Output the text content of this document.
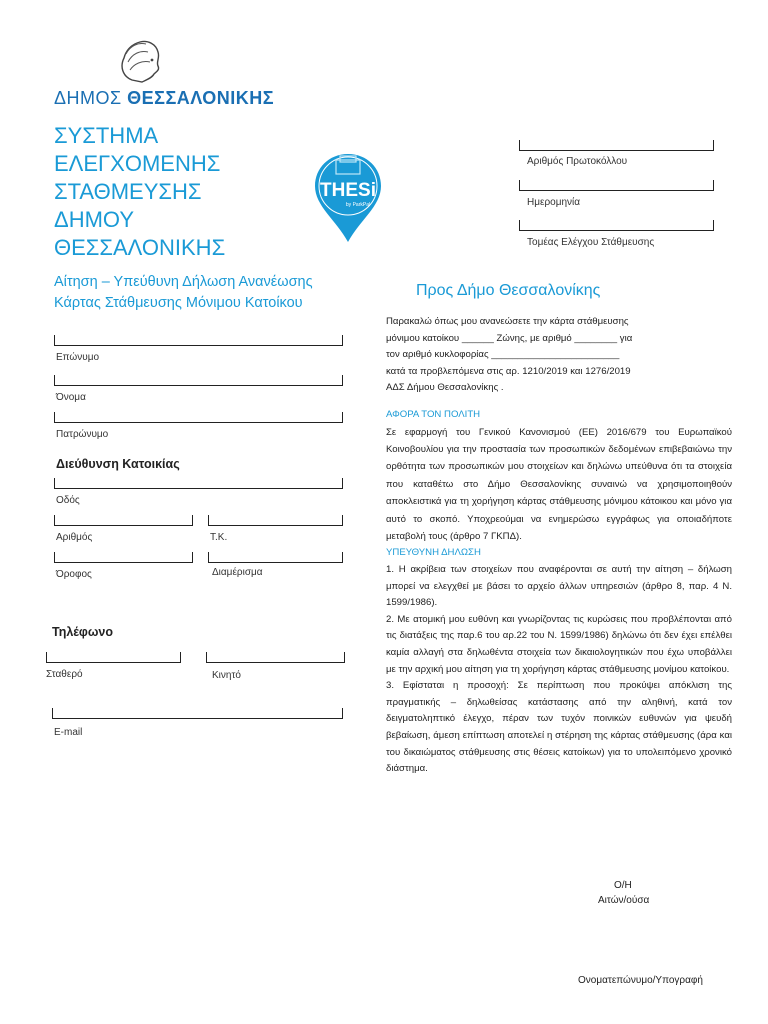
ΔΗΜΟΣ ΘΕΣΣΑΛΟΝΙΚΗΣ
ΣΥΣΤΗΜΑ
ΕΛΕΓΧΟΜΕΝΗΣ
ΣΤΑΘΜΕΥΣΗΣ
ΔΗΜΟΥ
ΘΕΣΣΑΛΟΝΙΚΗΣ
THESi
by ParkPal
Αριθμός Πρωτοκόλλου
Ημερομηνία
Τομέας Ελέγχου Στάθμευσης
Αίτηση – Υπεύθυνη Δήλωση Ανανέωσης
Κάρτας Στάθμευσης Μόνιμου Κατοίκου
Προς Δήμο Θεσσαλονίκης
Επώνυμο
Όνομα
Πατρώνυμο
Διεύθυνση Κατοικίας
Οδός
Αριθμός	Τ.Κ.
Όροφος	Διαμέρισμα
Τηλέφωνο
Σταθερό	Κινητό
E-mail
Παρακαλώ όπως μου ανανεώσετε την κάρτα στάθμευσης
μόνιμου κατοίκου ______ Ζώνης, με αριθμό ________ για
τον αριθμό κυκλοφορίας ________________________
κατά τα προβλεπόμενα στις αρ. 1210/2019 και 1276/2019
ΑΔΣ Δήμου Θεσσαλονίκης .
ΑΦΟΡΑ ΤΟΝ ΠΟΛΙΤΗ

Σε εφαρμογή του Γενικού Κανονισμού (ΕΕ) 2016/679 του Ευρωπαϊκού Κοινοβουλίου για την προστασία των προσωπικών δεδομένων επιβεβαιώνω την ορθότητα των προσωπικών μου στοιχείων και δηλώνω υπεύθυνα ότι τα στοιχεία που καταθέτω στο Δήμο Θεσσαλονίκης συναινώ να χρησιμοποιηθούν αποκλειστικά για τη χορήγηση κάρτας στάθμευσης μόνιμου κάτοικου και μόνο για αυτό το σκοπό. Υποχρεούμαι να ενημερώσω εγγράφως για οποιαδήποτε μεταβολή τους (άρθρο 7 ΓΚΠΔ).

ΥΠΕΥΘΥΝΗ ΔΗΛΩΣΗ

1. Η ακρίβεια των στοιχείων που αναφέρονται σε αυτή την αίτηση – δήλωση μπορεί να ελεγχθεί με βάσει το αρχείο άλλων υπηρεσιών (άρθρο 8, παρ. 4 Ν. 1599/1986).

2. Με ατομική μου ευθύνη και γνωρίζοντας τις κυρώσεις που προβλέπονται από τις διατάξεις της παρ.6 του αρ.22 του Ν. 1599/1986) δηλώνω ότι δεν έχει επέλθει καμία αλλαγή στα δηλωθέντα στοιχεία των δικαιολογητικών που έχω υποβάλλει με την αρχική μου αίτηση για τη χορήγηση κάρτας στάθμευσης μονίμου κατοίκου.

3. Εφίσταται η προσοχή: Σε περίπτωση που προκύψει απόκλιση της πραγματικής – δηλωθείσας κατάστασης από την αληθινή, κατά τον δειγματοληπτικό έλεγχο, πέραν των τυχόν ποινικών ευθυνών για ψευδή βεβαίωση, άμεση επίπτωση αποτελεί η στέρηση της κάρτας στάθμευσης (άρα και του δικαιώματος στάθμευσης στις θέσεις κατοίκων) για το υπολειπόμενο χρονικό διάστημα.

Ο/Η
Αιτών/ούσα
Ονοματεπώνυμο/Υπογραφή
